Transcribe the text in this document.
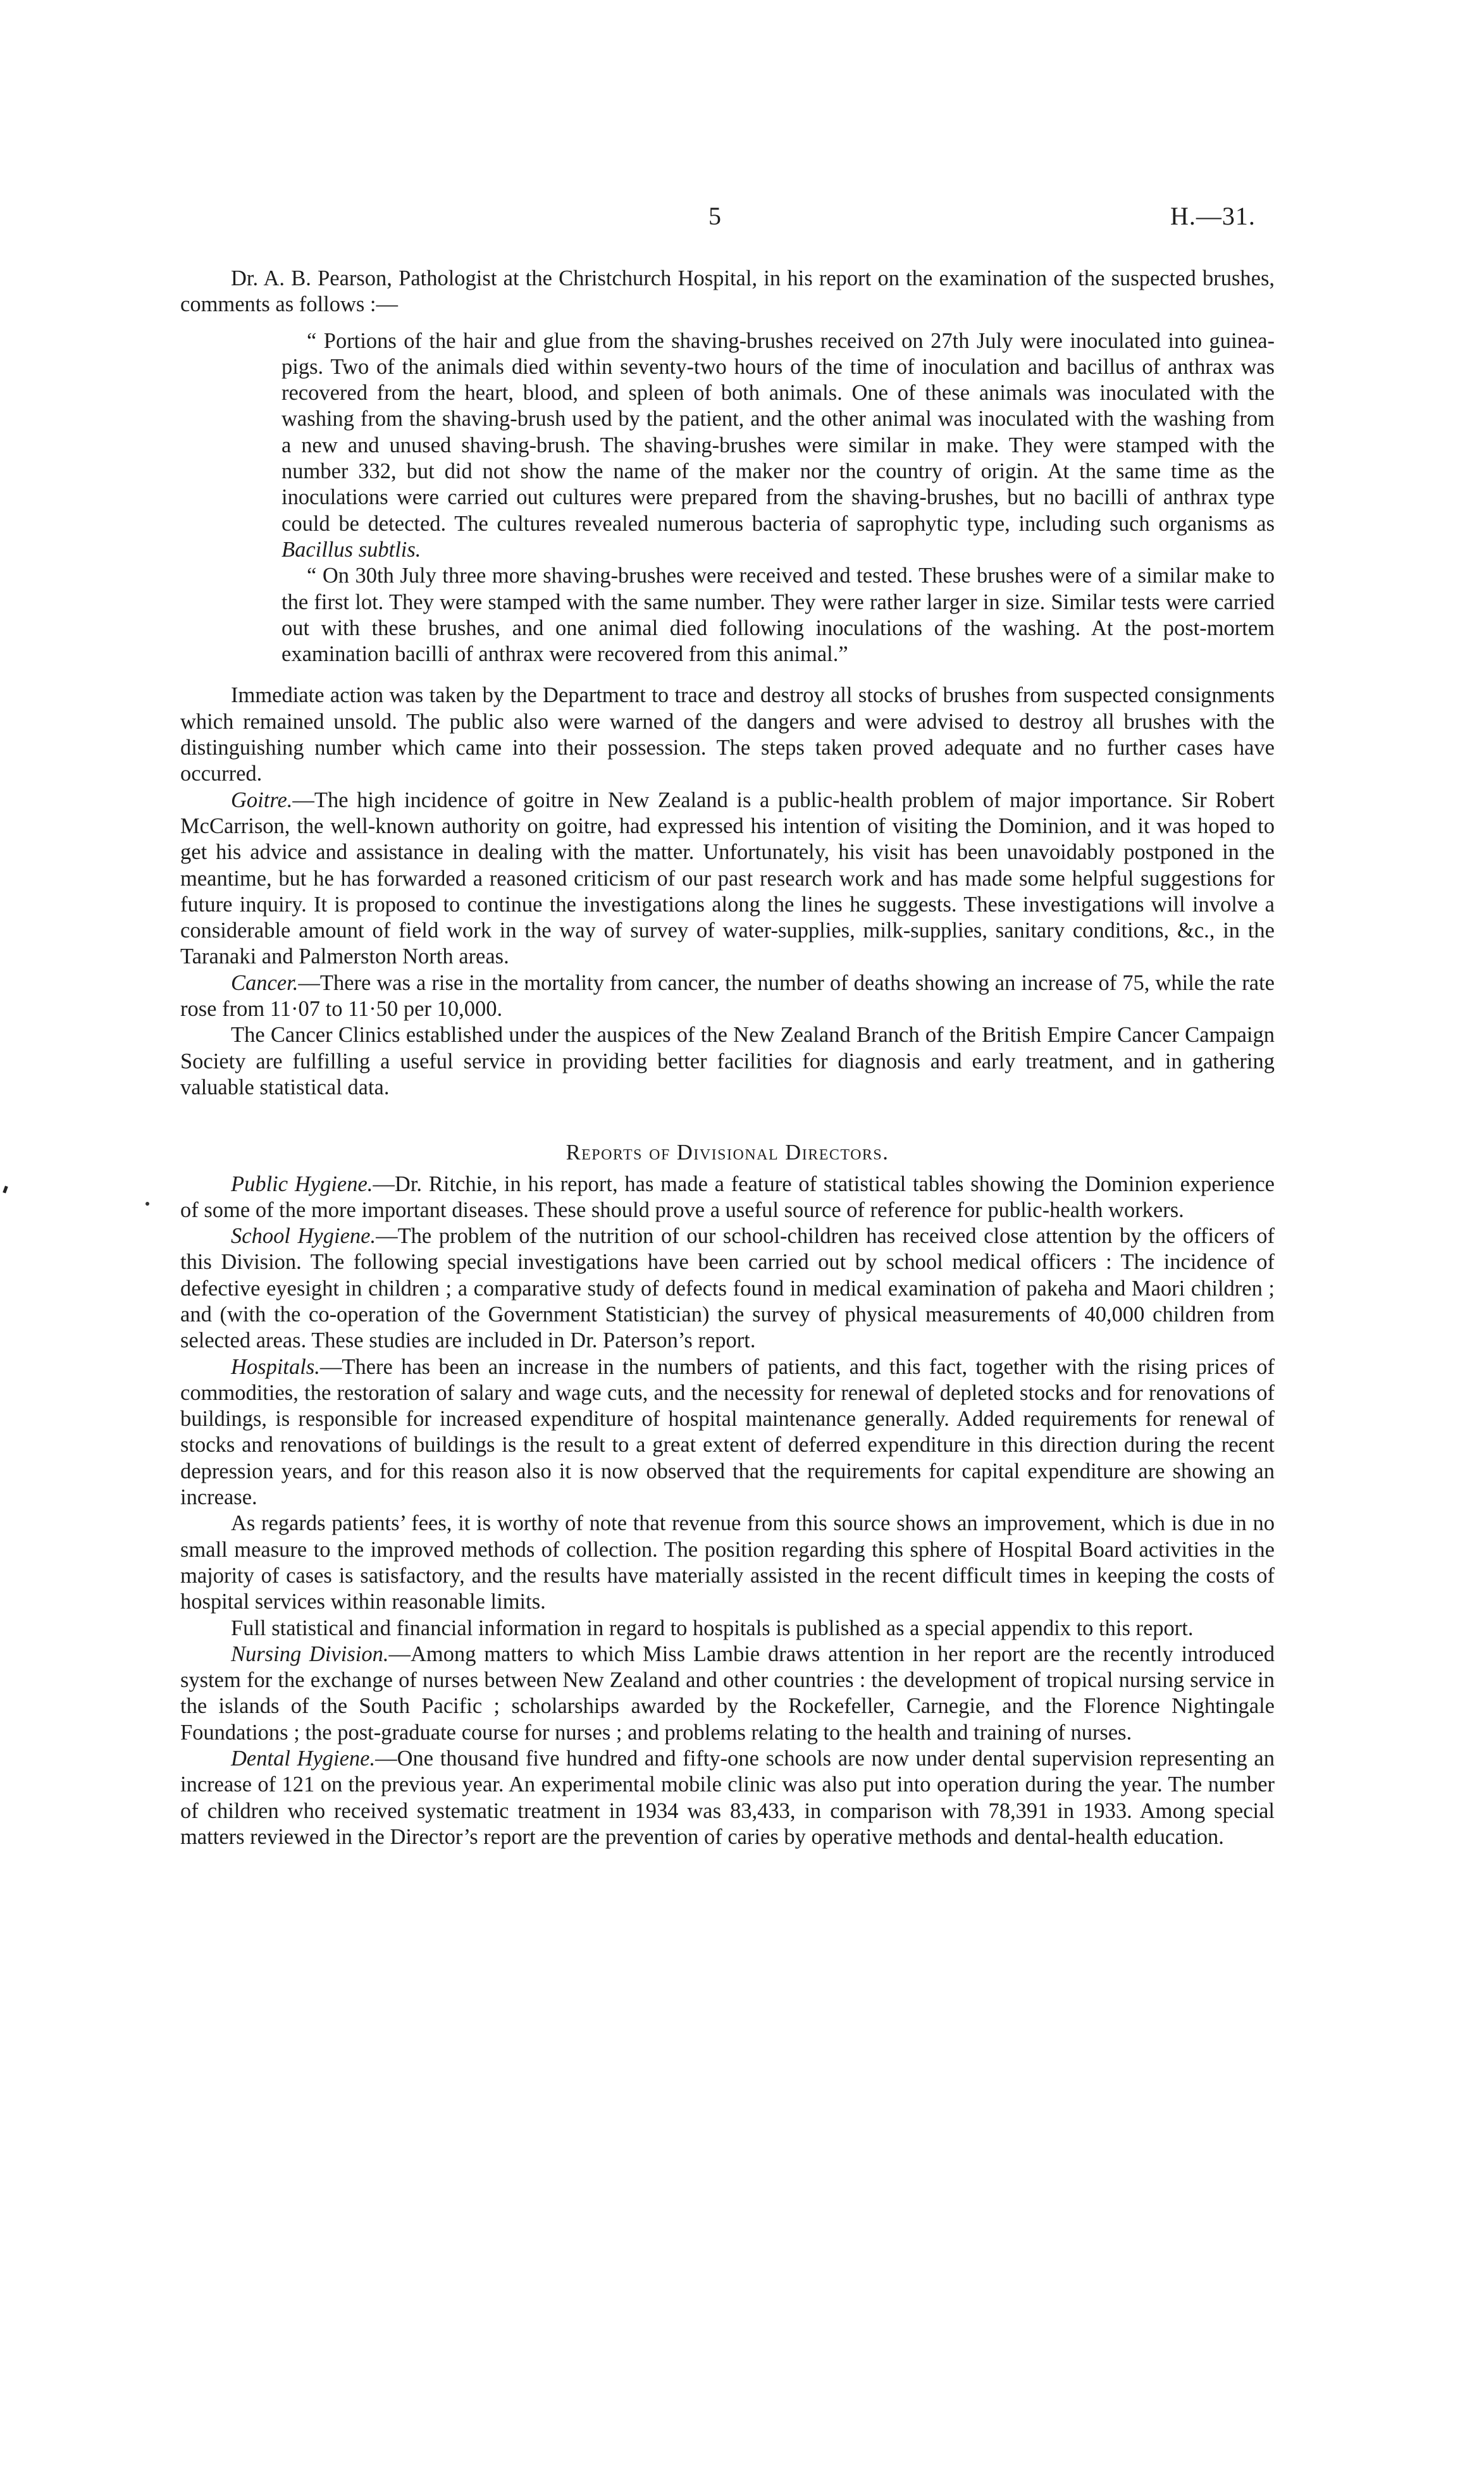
5	H.—31.

Dr. A. B. Pearson, Pathologist at the Christchurch Hospital, in his report on the examination of the suspected brushes, comments as follows :—

“ Portions of the hair and glue from the shaving-brushes received on 27th July were inoculated into guinea-pigs. Two of the animals died within seventy-two hours of the time of inoculation and bacillus of anthrax was recovered from the heart, blood, and spleen of both animals. One of these animals was inoculated with the washing from the shaving-brush used by the patient, and the other animal was inoculated with the washing from a new and unused shaving-brush. The shaving-brushes were similar in make. They were stamped with the number 332, but did not show the name of the maker nor the country of origin. At the same time as the inoculations were carried out cultures were prepared from the shaving-brushes, but no bacilli of anthrax type could be detected. The cultures revealed numerous bacteria of saprophytic type, including such organisms as Bacillus subtlis.

“ On 30th July three more shaving-brushes were received and tested. These brushes were of a similar make to the first lot. They were stamped with the same number. They were rather larger in size. Similar tests were carried out with these brushes, and one animal died following inoculations of the washing. At the post-mortem examination bacilli of anthrax were recovered from this animal.”

Immediate action was taken by the Department to trace and destroy all stocks of brushes from suspected consignments which remained unsold. The public also were warned of the dangers and were advised to destroy all brushes with the distinguishing number which came into their possession. The steps taken proved adequate and no further cases have occurred.

Goitre.—The high incidence of goitre in New Zealand is a public-health problem of major importance. Sir Robert McCarrison, the well-known authority on goitre, had expressed his intention of visiting the Dominion, and it was hoped to get his advice and assistance in dealing with the matter. Unfortunately, his visit has been unavoidably postponed in the meantime, but he has forwarded a reasoned criticism of our past research work and has made some helpful suggestions for future inquiry. It is proposed to continue the investigations along the lines he suggests. These investigations will involve a considerable amount of field work in the way of survey of water-supplies, milk-supplies, sanitary conditions, &c., in the Taranaki and Palmerston North areas.

Cancer.—There was a rise in the mortality from cancer, the number of deaths showing an increase of 75, while the rate rose from 11·07 to 11·50 per 10,000.

The Cancer Clinics established under the auspices of the New Zealand Branch of the British Empire Cancer Campaign Society are fulfilling a useful service in providing better facilities for diagnosis and early treatment, and in gathering valuable statistical data.

Reports of Divisional Directors.

Public Hygiene.—Dr. Ritchie, in his report, has made a feature of statistical tables showing the Dominion experience of some of the more important diseases. These should prove a useful source of reference for public-health workers.

School Hygiene.—The problem of the nutrition of our school-children has received close attention by the officers of this Division. The following special investigations have been carried out by school medical officers : The incidence of defective eyesight in children ; a comparative study of defects found in medical examination of pakeha and Maori children ; and (with the co-operation of the Government Statistician) the survey of physical measurements of 40,000 children from selected areas. These studies are included in Dr. Paterson’s report.

Hospitals.—There has been an increase in the numbers of patients, and this fact, together with the rising prices of commodities, the restoration of salary and wage cuts, and the necessity for renewal of depleted stocks and for renovations of buildings, is responsible for increased expenditure of hospital maintenance generally. Added requirements for renewal of stocks and renovations of buildings is the result to a great extent of deferred expenditure in this direction during the recent depression years, and for this reason also it is now observed that the requirements for capital expenditure are showing an increase.

As regards patients’ fees, it is worthy of note that revenue from this source shows an improvement, which is due in no small measure to the improved methods of collection. The position regarding this sphere of Hospital Board activities in the majority of cases is satisfactory, and the results have materially assisted in the recent difficult times in keeping the costs of hospital services within reasonable limits.

Full statistical and financial information in regard to hospitals is published as a special appendix to this report.

Nursing Division.—Among matters to which Miss Lambie draws attention in her report are the recently introduced system for the exchange of nurses between New Zealand and other countries : the development of tropical nursing service in the islands of the South Pacific ; scholarships awarded by the Rockefeller, Carnegie, and the Florence Nightingale Foundations ; the post-graduate course for nurses ; and problems relating to the health and training of nurses.

Dental Hygiene.—One thousand five hundred and fifty-one schools are now under dental supervision representing an increase of 121 on the previous year. An experimental mobile clinic was also put into operation during the year. The number of children who received systematic treatment in 1934 was 83,433, in comparison with 78,391 in 1933. Among special matters reviewed in the Director’s report are the prevention of caries by operative methods and dental-health education.
